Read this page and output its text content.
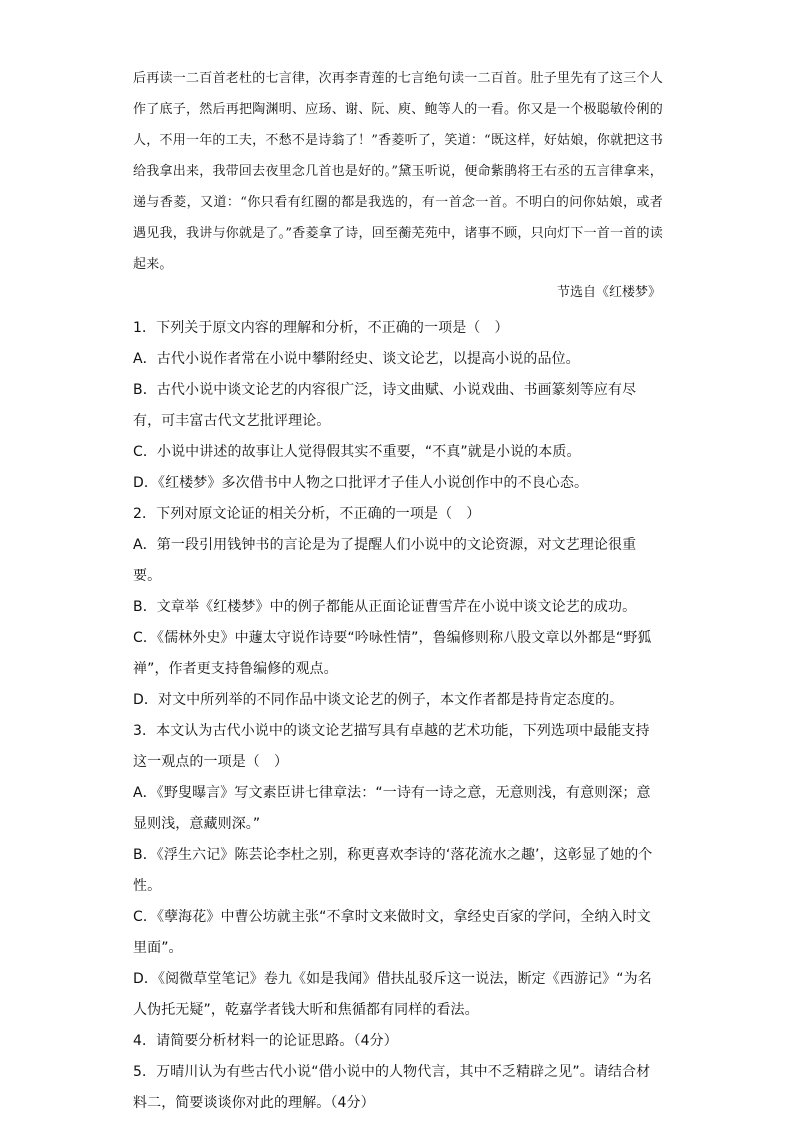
后再读一二百首老杜的七言律，次再李青莲的七言绝句读一二百首。肚子里先有了这三个人作了底子，然后再把陶渊明、应玚、谢、阮、庾、鲍等人的一看。你又是一个极聪敏伶俐的人，不用一年的工夫，不愁不是诗翁了！”香菱听了，笑道：“既这样，好姑娘，你就把这书给我拿出来，我带回去夜里念几首也是好的。”黛玉听说，便命紫鹃将王右丞的五言律拿来，递与香菱，又道：“你只看有红圈的都是我选的，有一首念一首。不明白的问你姑娘，或者遇见我，我讲与你就是了。”香菱拿了诗，回至蘅芜苑中，诸事不顾，只向灯下一首一首的读起来。
节选自《红楼梦》

1．下列关于原文内容的理解和分析，不正确的一项是（　）

A．古代小说作者常在小说中攀附经史、谈文论艺，以提高小说的品位。

B．古代小说中谈文论艺的内容很广泛，诗文曲赋、小说戏曲、书画篆刻等应有尽有，可丰富古代文艺批评理论。

C．小说中讲述的故事让人觉得假其实不重要，“不真”就是小说的本质。

D．《红楼梦》多次借书中人物之口批评才子佳人小说创作中的不良心态。

2．下列对原文论证的相关分析，不正确的一项是（　）

A．第一段引用钱钟书的言论是为了提醒人们小说中的文论资源，对文艺理论很重要。

B．文章举《红楼梦》中的例子都能从正面论证曹雪芹在小说中谈文论艺的成功。

C．《儒林外史》中蘧太守说作诗要“吟咏性情”，鲁编修则称八股文章以外都是“野狐禅”，作者更支持鲁编修的观点。

D．对文中所列举的不同作品中谈文论艺的例子，本文作者都是持肯定态度的。

3．本文认为古代小说中的谈文论艺描写具有卓越的艺术功能，下列选项中最能支持这一观点的一项是（　）

A．《野叟曝言》写文素臣讲七律章法：“一诗有一诗之意，无意则浅，有意则深；意显则浅，意藏则深。”

B．《浮生六记》陈芸论李杜之别，称更喜欢李诗的‘落花流水之趣’，这彰显了她的个性。

C．《孽海花》中曹公坊就主张“不拿时文来做时文，拿经史百家的学问，全纳入时文里面”。

D．《阅微草堂笔记》卷九《如是我闻》借扶乩驳斥这一说法，断定《西游记》“为名人伪托无疑”，乾嘉学者钱大昕和焦循都有同样的看法。

4．请简要分析材料一的论证思路。（4分）

5．万晴川认为有些古代小说“借小说中的人物代言，其中不乏精辟之见”。请结合材料二，简要谈谈你对此的理解。（4分）
